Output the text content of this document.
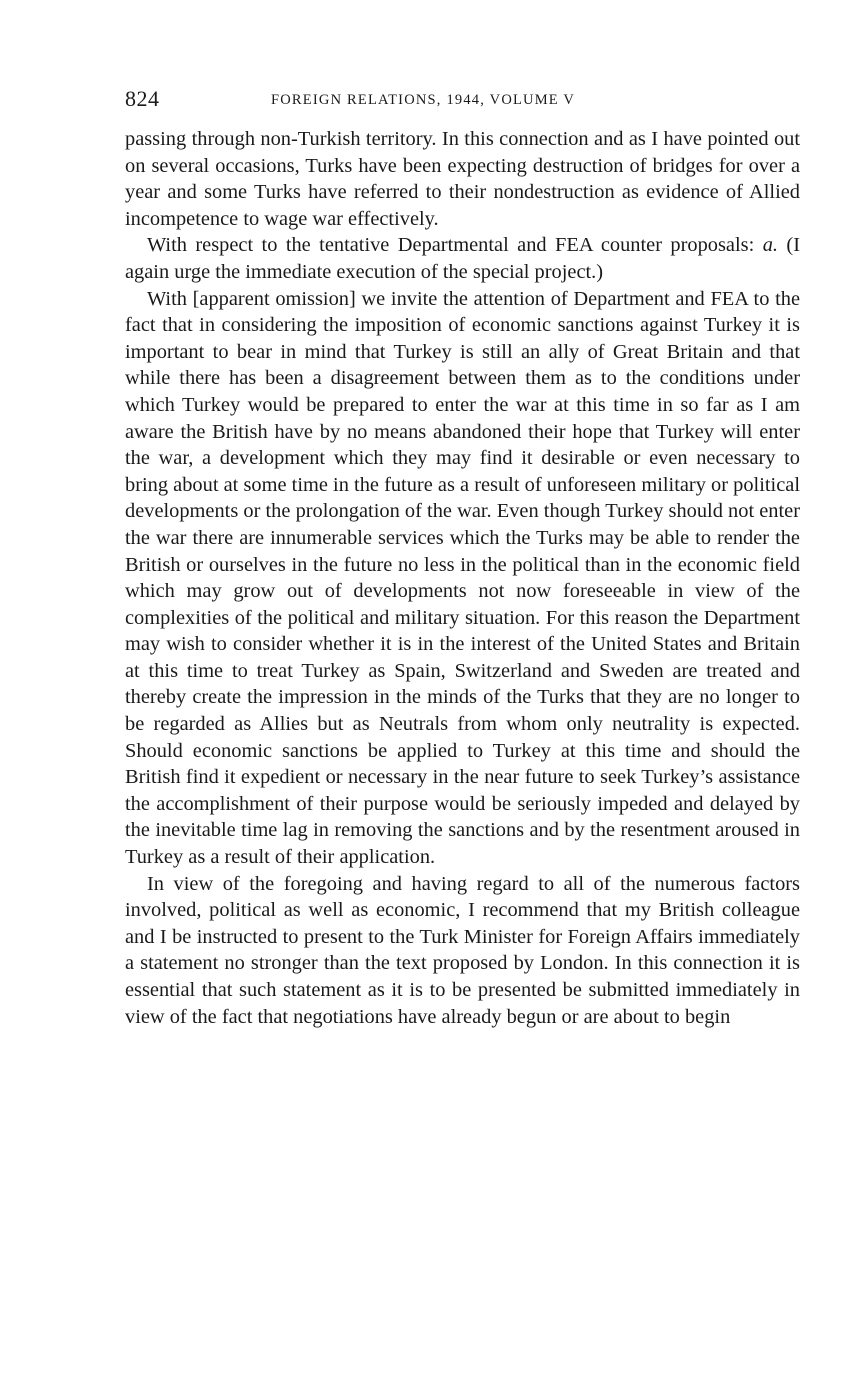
824	FOREIGN RELATIONS, 1944, VOLUME V

passing through non-Turkish territory. In this connection and as I have pointed out on several occasions, Turks have been expecting destruction of bridges for over a year and some Turks have referred to their nondestruction as evidence of Allied incompetence to wage war effectively.

With respect to the tentative Departmental and FEA counter proposals: a. (I again urge the immediate execution of the special project.)

With [apparent omission] we invite the attention of Department and FEA to the fact that in considering the imposition of economic sanctions against Turkey it is important to bear in mind that Turkey is still an ally of Great Britain and that while there has been a disagreement between them as to the conditions under which Turkey would be prepared to enter the war at this time in so far as I am aware the British have by no means abandoned their hope that Turkey will enter the war, a development which they may find it desirable or even necessary to bring about at some time in the future as a result of unforeseen military or political developments or the prolongation of the war. Even though Turkey should not enter the war there are innumerable services which the Turks may be able to render the British or ourselves in the future no less in the political than in the economic field which may grow out of developments not now foreseeable in view of the complexities of the political and military situation. For this reason the Department may wish to consider whether it is in the interest of the United States and Britain at this time to treat Turkey as Spain, Switzerland and Sweden are treated and thereby create the impression in the minds of the Turks that they are no longer to be regarded as Allies but as Neutrals from whom only neutrality is expected. Should economic sanctions be applied to Turkey at this time and should the British find it expedient or necessary in the near future to seek Turkey’s assistance the accomplishment of their purpose would be seriously impeded and delayed by the inevitable time lag in removing the sanctions and by the resentment aroused in Turkey as a result of their application.

In view of the foregoing and having regard to all of the numerous factors involved, political as well as economic, I recommend that my British colleague and I be instructed to present to the Turk Minister for Foreign Affairs immediately a statement no stronger than the text proposed by London. In this connection it is essential that such statement as it is to be presented be submitted immediately in view of the fact that negotiations have already begun or are about to begin
